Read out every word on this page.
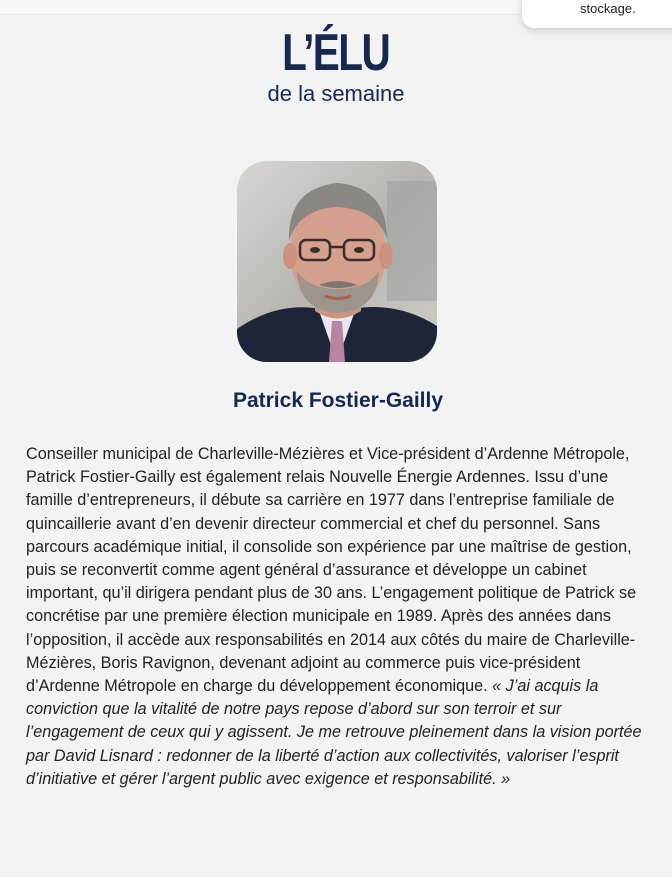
stockage.
L’ÉLU
de la semaine
Patrick Fostier-Gailly

Conseiller municipal de Charleville-Mézières et Vice-président d’Ardenne Métropole, Patrick Fostier-Gailly est également relais Nouvelle Énergie Ardennes. Issu d’une famille d’entrepreneurs, il débute sa carrière en 1977 dans l’entreprise familiale de quincaillerie avant d’en devenir directeur commercial et chef du personnel. Sans parcours académique initial, il consolide son expérience par une maîtrise de gestion, puis se reconvertit comme agent général d’assurance et développe un cabinet important, qu’il dirigera pendant plus de 30 ans. L’engagement politique de Patrick se concrétise par une première élection municipale en 1989. Après des années dans l’opposition, il accède aux responsabilités en 2014 aux côtés du maire de Charleville-Mézières, Boris Ravignon, devenant adjoint au commerce puis vice-président d’Ardenne Métropole en charge du développement économique. « J’ai acquis la conviction que la vitalité de notre pays repose d’abord sur son terroir et sur l’engagement de ceux qui y agissent. Je me retrouve pleinement dans la vision portée par David Lisnard : redonner de la liberté d’action aux collectivités, valoriser l’esprit d’initiative et gérer l’argent public avec exigence et responsabilité. »
